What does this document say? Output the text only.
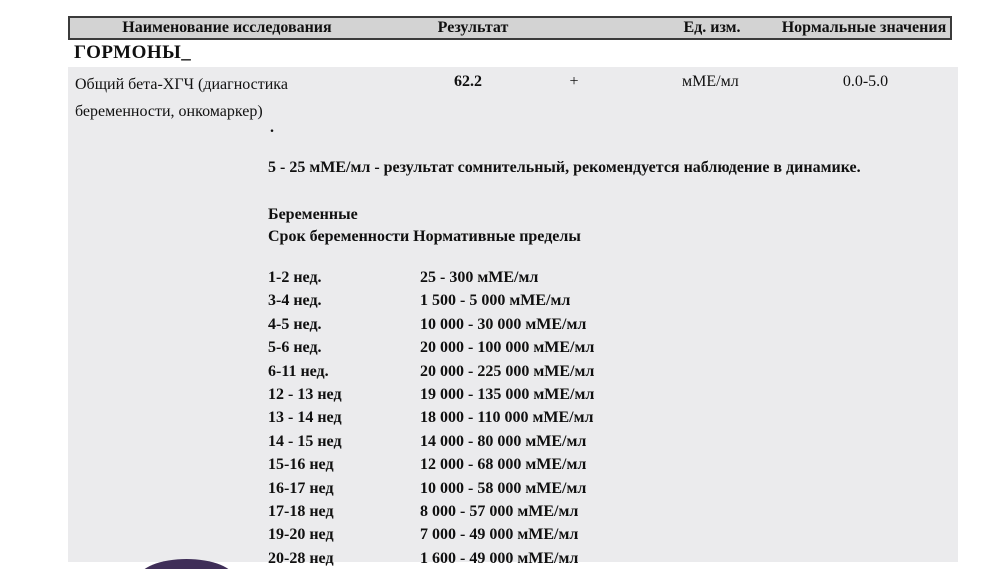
Наименование исследования	Результат	Ед. изм.	Нормальные значения
ГОРМОНЫ_
Общий бета-ХГЧ (диагностика
беременности, онкомаркер)
62.2	+	мМЕ/мл	0.0-5.0
.
5 - 25 мМЕ/мл - результат сомнительный, рекомендуется наблюдение в динамике.
Беременные
Срок беременности Нормативные пределы
1-2 нед.	25 - 300 мМЕ/мл
3-4 нед.	1 500 - 5 000 мМЕ/мл
4-5 нед.	10 000 - 30 000 мМЕ/мл
5-6 нед.	20 000 - 100 000 мМЕ/мл
6-11 нед.	20 000 - 225 000 мМЕ/мл
12 - 13 нед	19 000 - 135 000 мМЕ/мл
13 - 14 нед	18 000 - 110 000 мМЕ/мл
14 - 15 нед	14 000 - 80 000 мМЕ/мл
15-16 нед	12 000 - 68 000 мМЕ/мл
16-17 нед	10 000 - 58 000 мМЕ/мл
17-18 нед	8 000 - 57 000 мМЕ/мл
19-20 нед	7 000 - 49 000 мМЕ/мл
20-28 нед	1 600 - 49 000 мМЕ/мл
